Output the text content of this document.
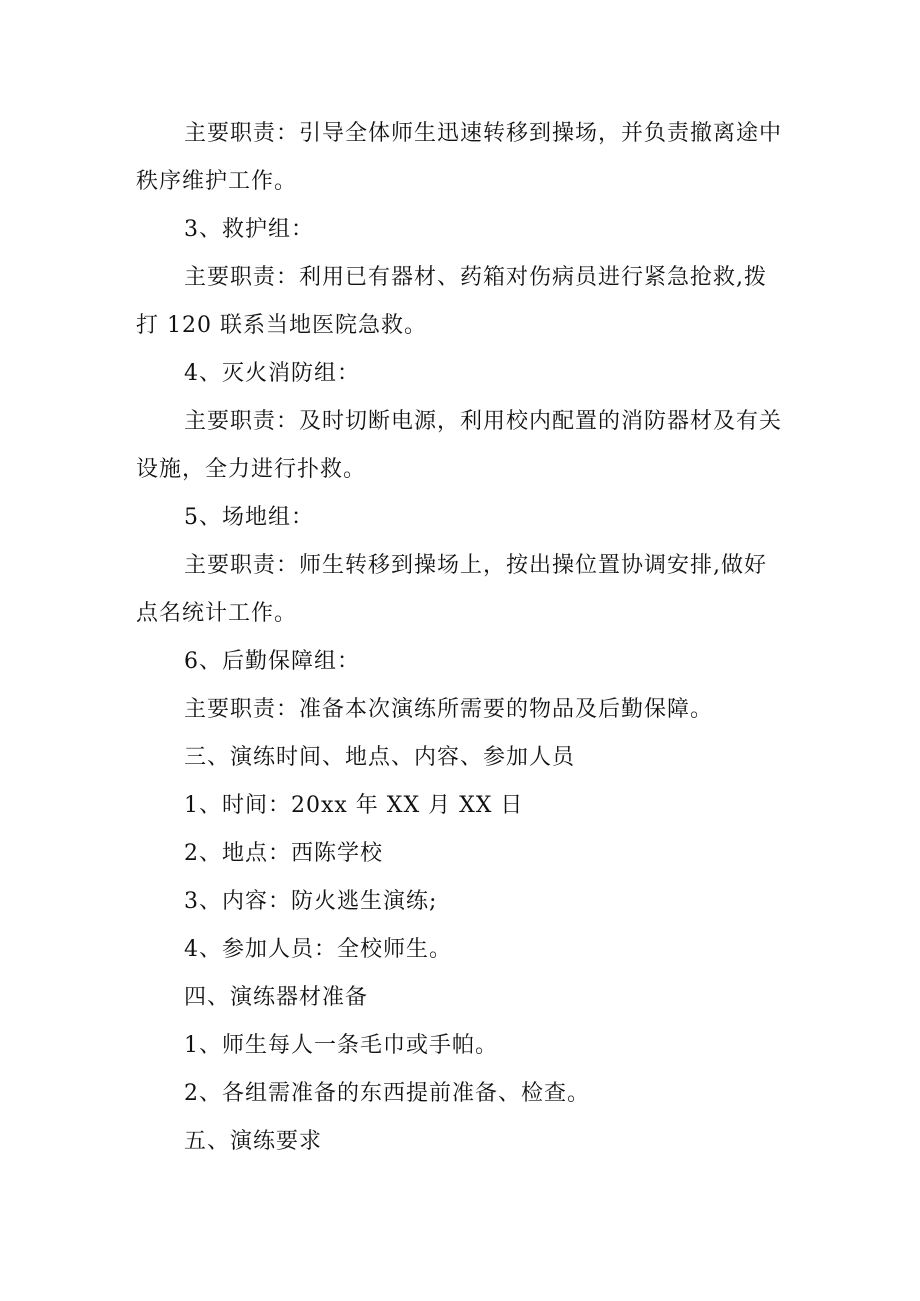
主要职责：引导全体师生迅速转移到操场，并负责撤离途中
秩序维护工作。

3、救护组：

主要职责：利用已有器材、药箱对伤病员进行紧急抢救,拨
打 120 联系当地医院急救。

4、灭火消防组：

主要职责：及时切断电源，利用校内配置的消防器材及有关
设施，全力进行扑救。

5、场地组：

主要职责：师生转移到操场上，按出操位置协调安排,做好
点名统计工作。

6、后勤保障组：

主要职责：准备本次演练所需要的物品及后勤保障。

三、演练时间、地点、内容、参加人员

1、时间：20xx 年 XX 月 XX 日

2、地点：西陈学校

3、内容：防火逃生演练;

4、参加人员：全校师生。

四、演练器材准备

1、师生每人一条毛巾或手帕。

2、各组需准备的东西提前准备、检查。

五、演练要求
